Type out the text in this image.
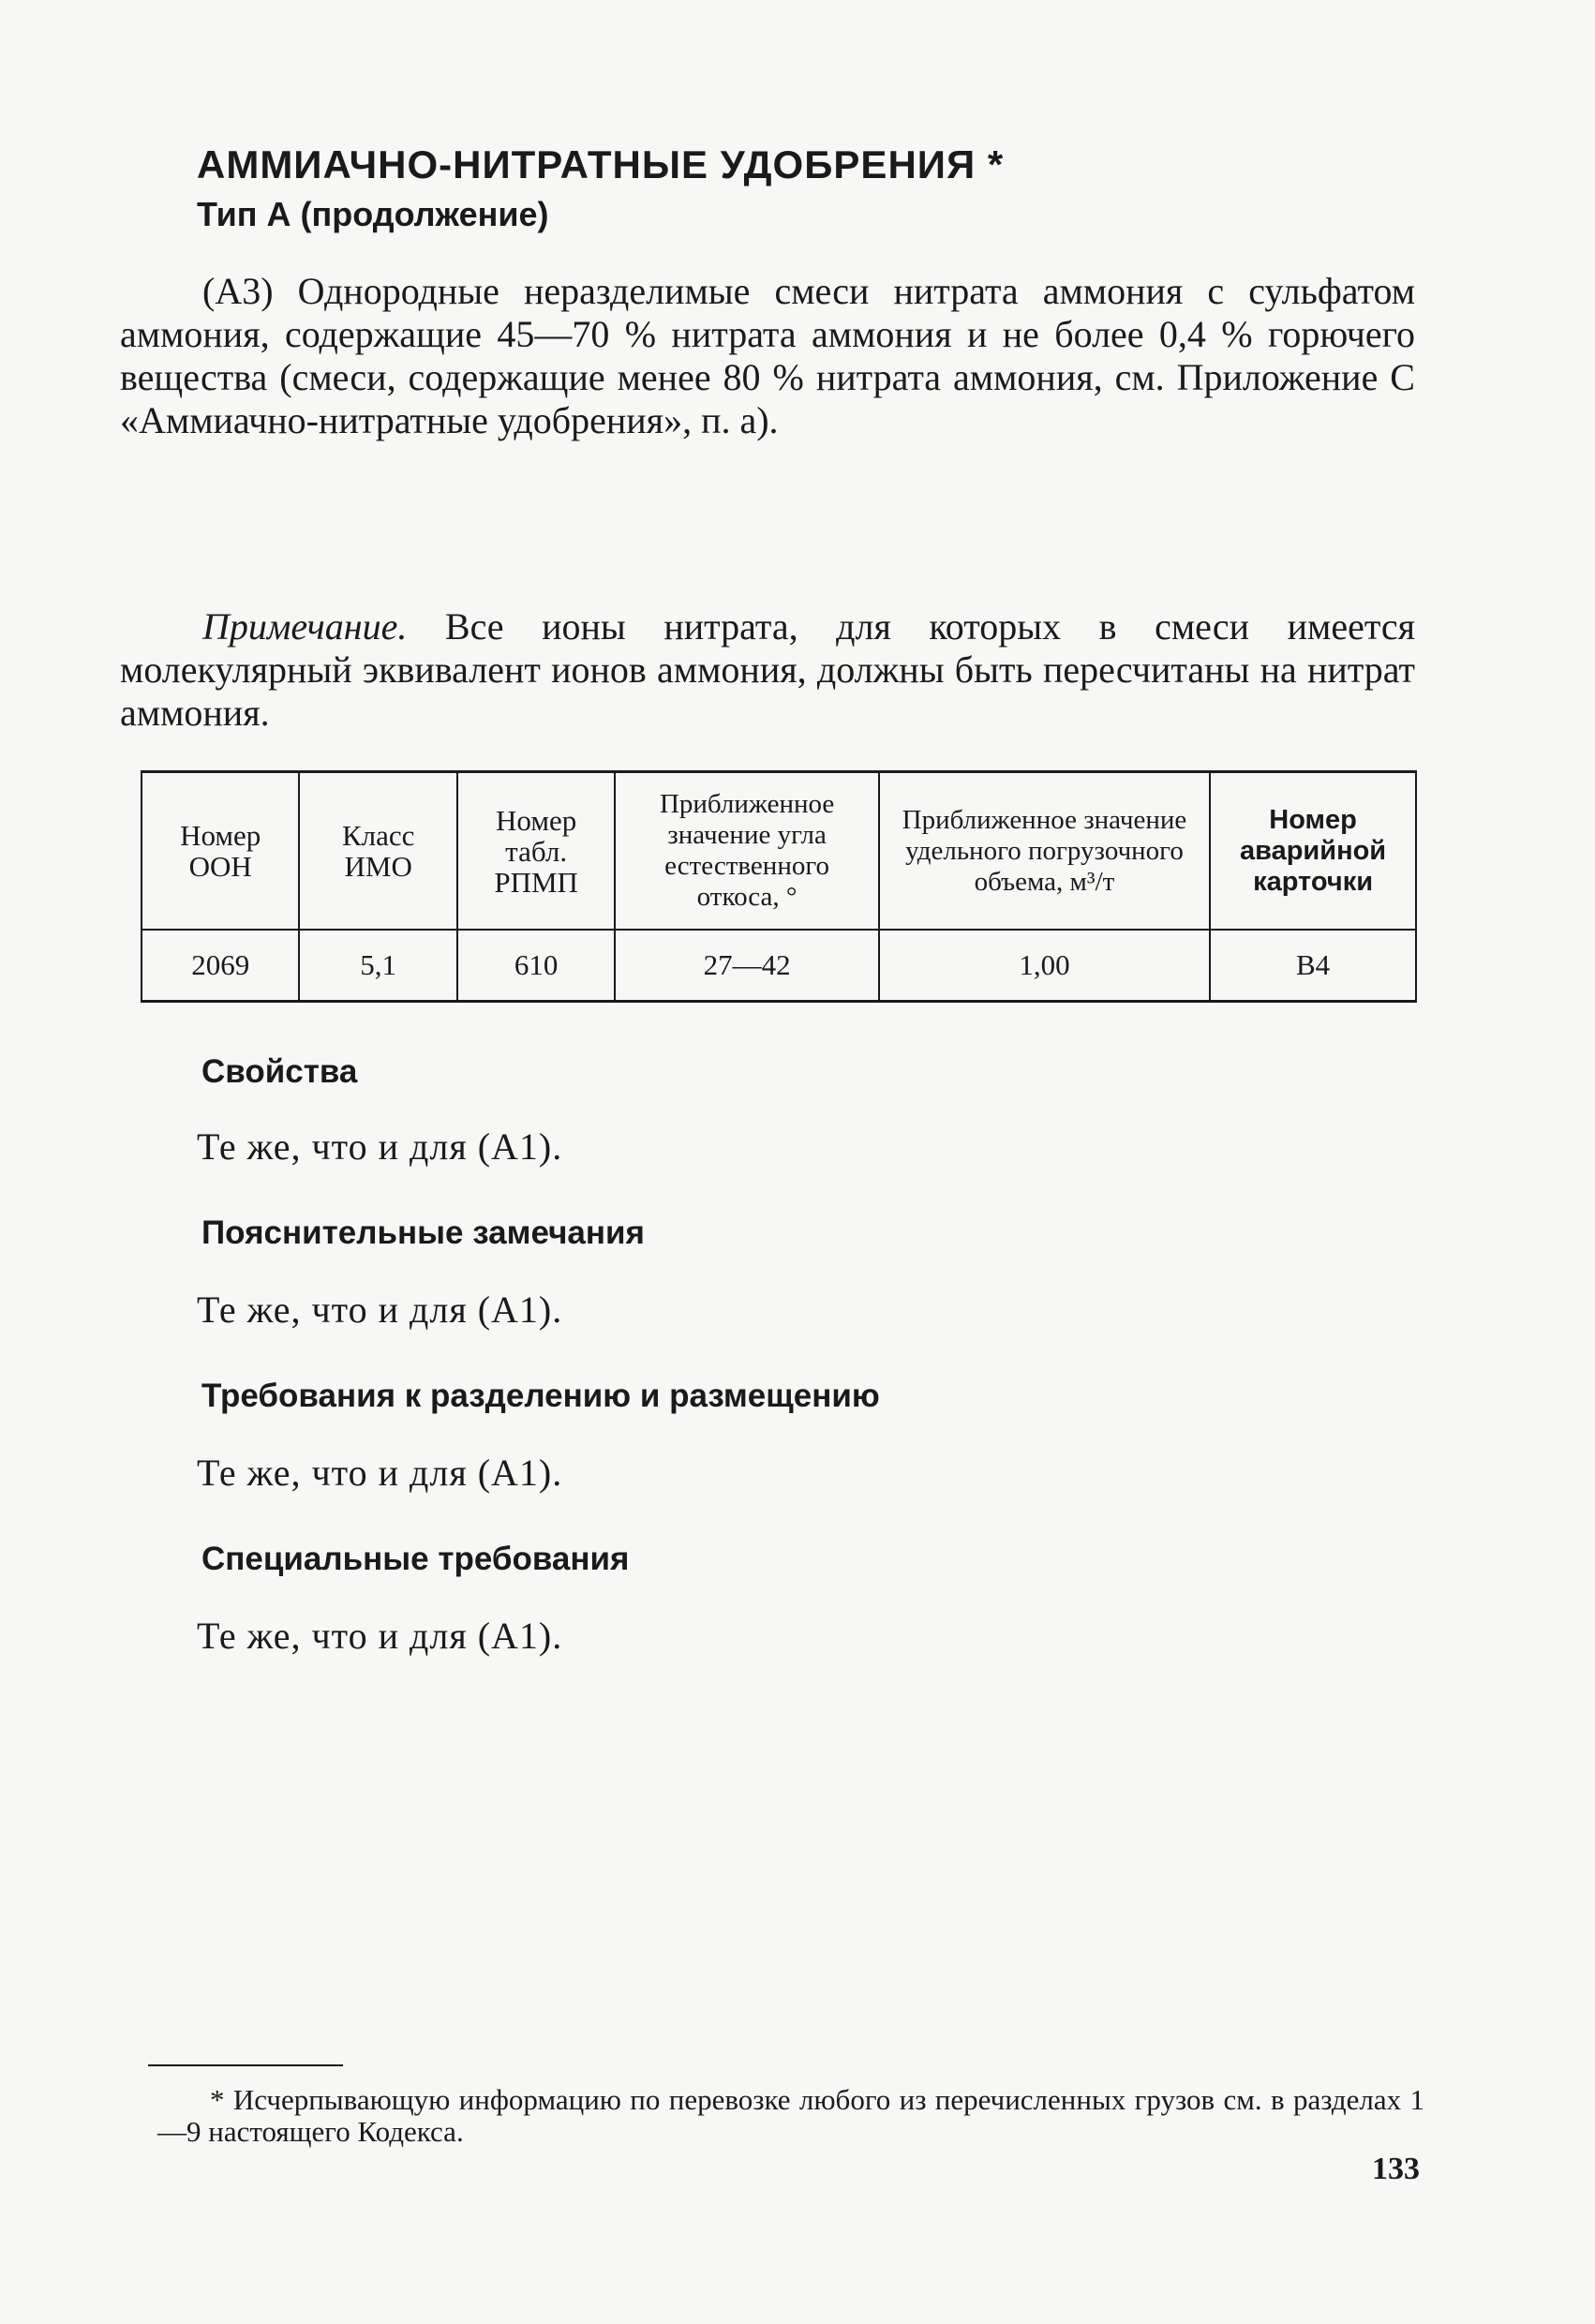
АММИАЧНО-НИТРАТНЫЕ УДОБРЕНИЯ *
Тип А (продолжение)
(А3) Однородные неразделимые смеси нитрата аммония с сульфатом аммония, содержащие 45—70 % нитрата аммония и не более 0,4 % горючего вещества (смеси, содержащие менее 80 % нитрата аммония, см. Приложение С «Аммиачно-нитратные удобрения», п. а).
Примечание. Все ионы нитрата, для которых в смеси имеется молекулярный эквивалент ионов аммония, должны быть пересчитаны на нитрат аммония.
Номер ООН	Класс ИМО	Номер табл. РПМП	Приближенное значение угла естественного откоса, °	Приближенное значение удельного погрузочного объема, м³/т	Номер аварийной карточки
2069	5,1	610	27—42	1,00	В4
Свойства
Те же, что и для (А1).
Пояснительные замечания
Те же, что и для (А1).
Требования к разделению и размещению
Те же, что и для (А1).
Специальные требования
Те же, что и для (А1).
* Исчерпывающую информацию по перевозке любого из перечисленных грузов см. в разделах 1—9 настоящего Кодекса.
133
